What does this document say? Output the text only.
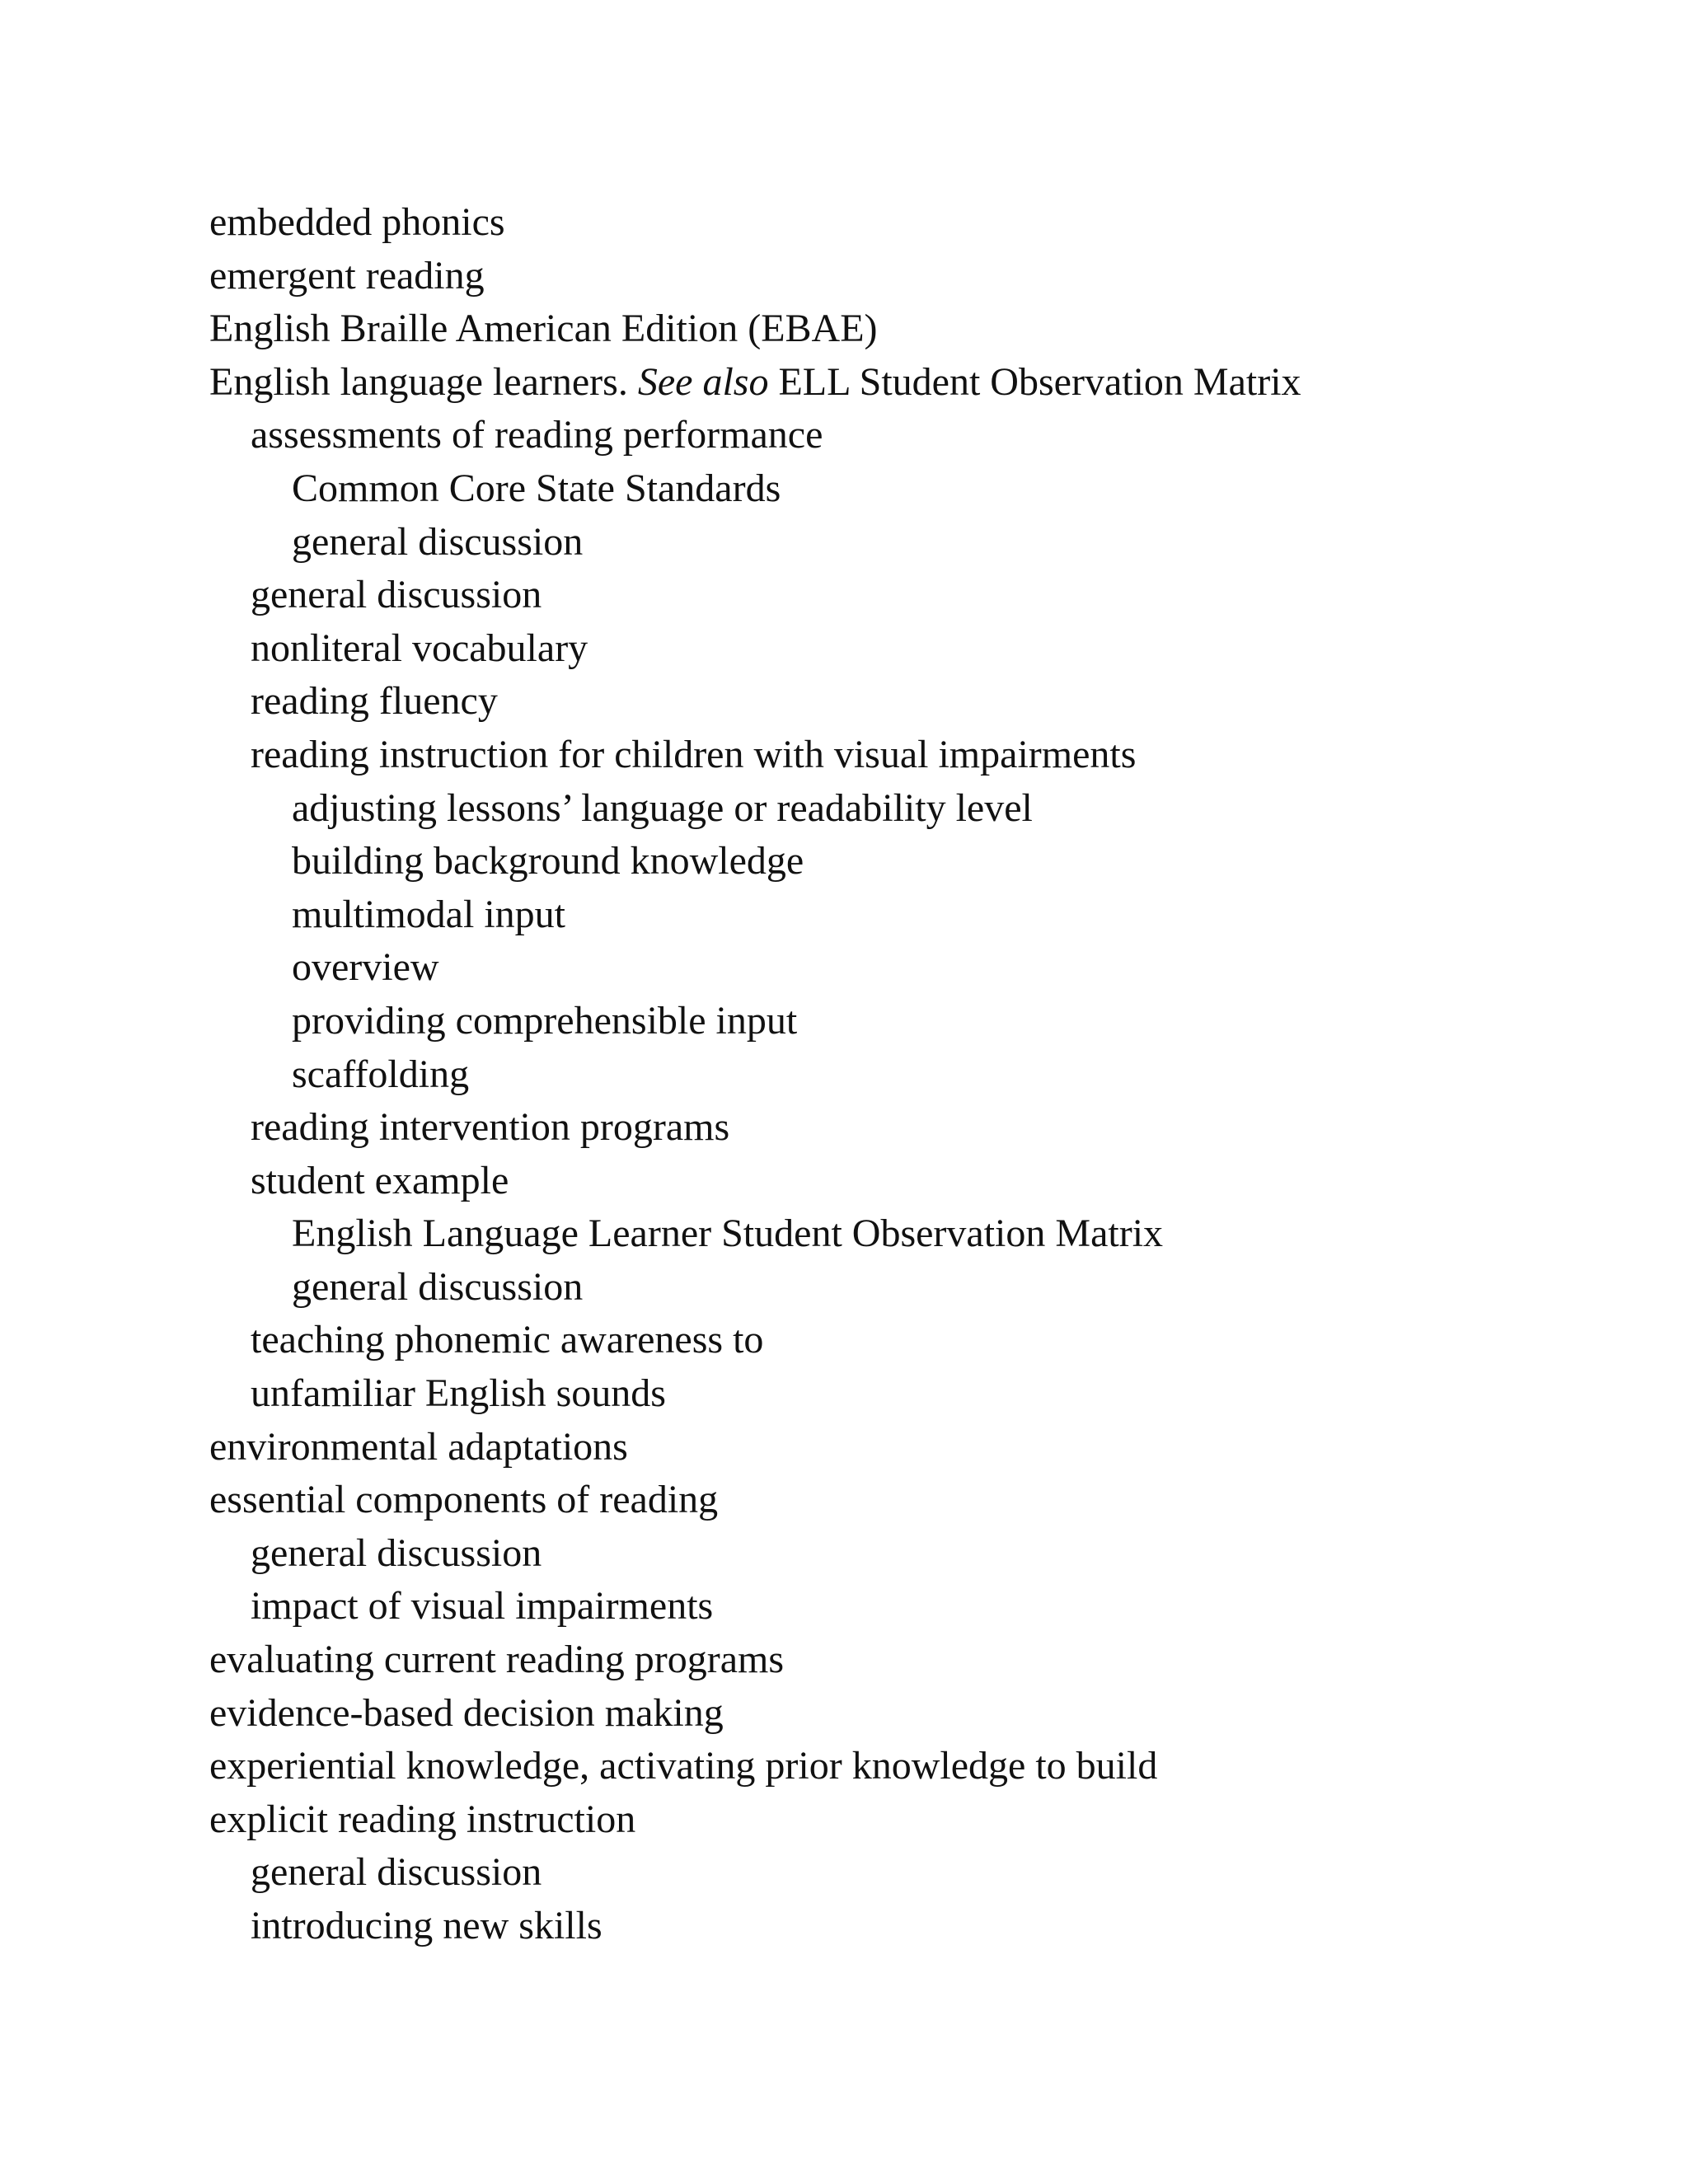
embedded phonics
emergent reading
English Braille American Edition (EBAE)
English language learners. See also ELL Student Observation Matrix
assessments of reading performance
Common Core State Standards
general discussion
general discussion
nonliteral vocabulary
reading fluency
reading instruction for children with visual impairments
adjusting lessons’ language or readability level
building background knowledge
multimodal input
overview
providing comprehensible input
scaffolding
reading intervention programs
student example
English Language Learner Student Observation Matrix
general discussion
teaching phonemic awareness to
unfamiliar English sounds
environmental adaptations
essential components of reading
general discussion
impact of visual impairments
evaluating current reading programs
evidence-based decision making
experiential knowledge, activating prior knowledge to build
explicit reading instruction
general discussion
introducing new skills
